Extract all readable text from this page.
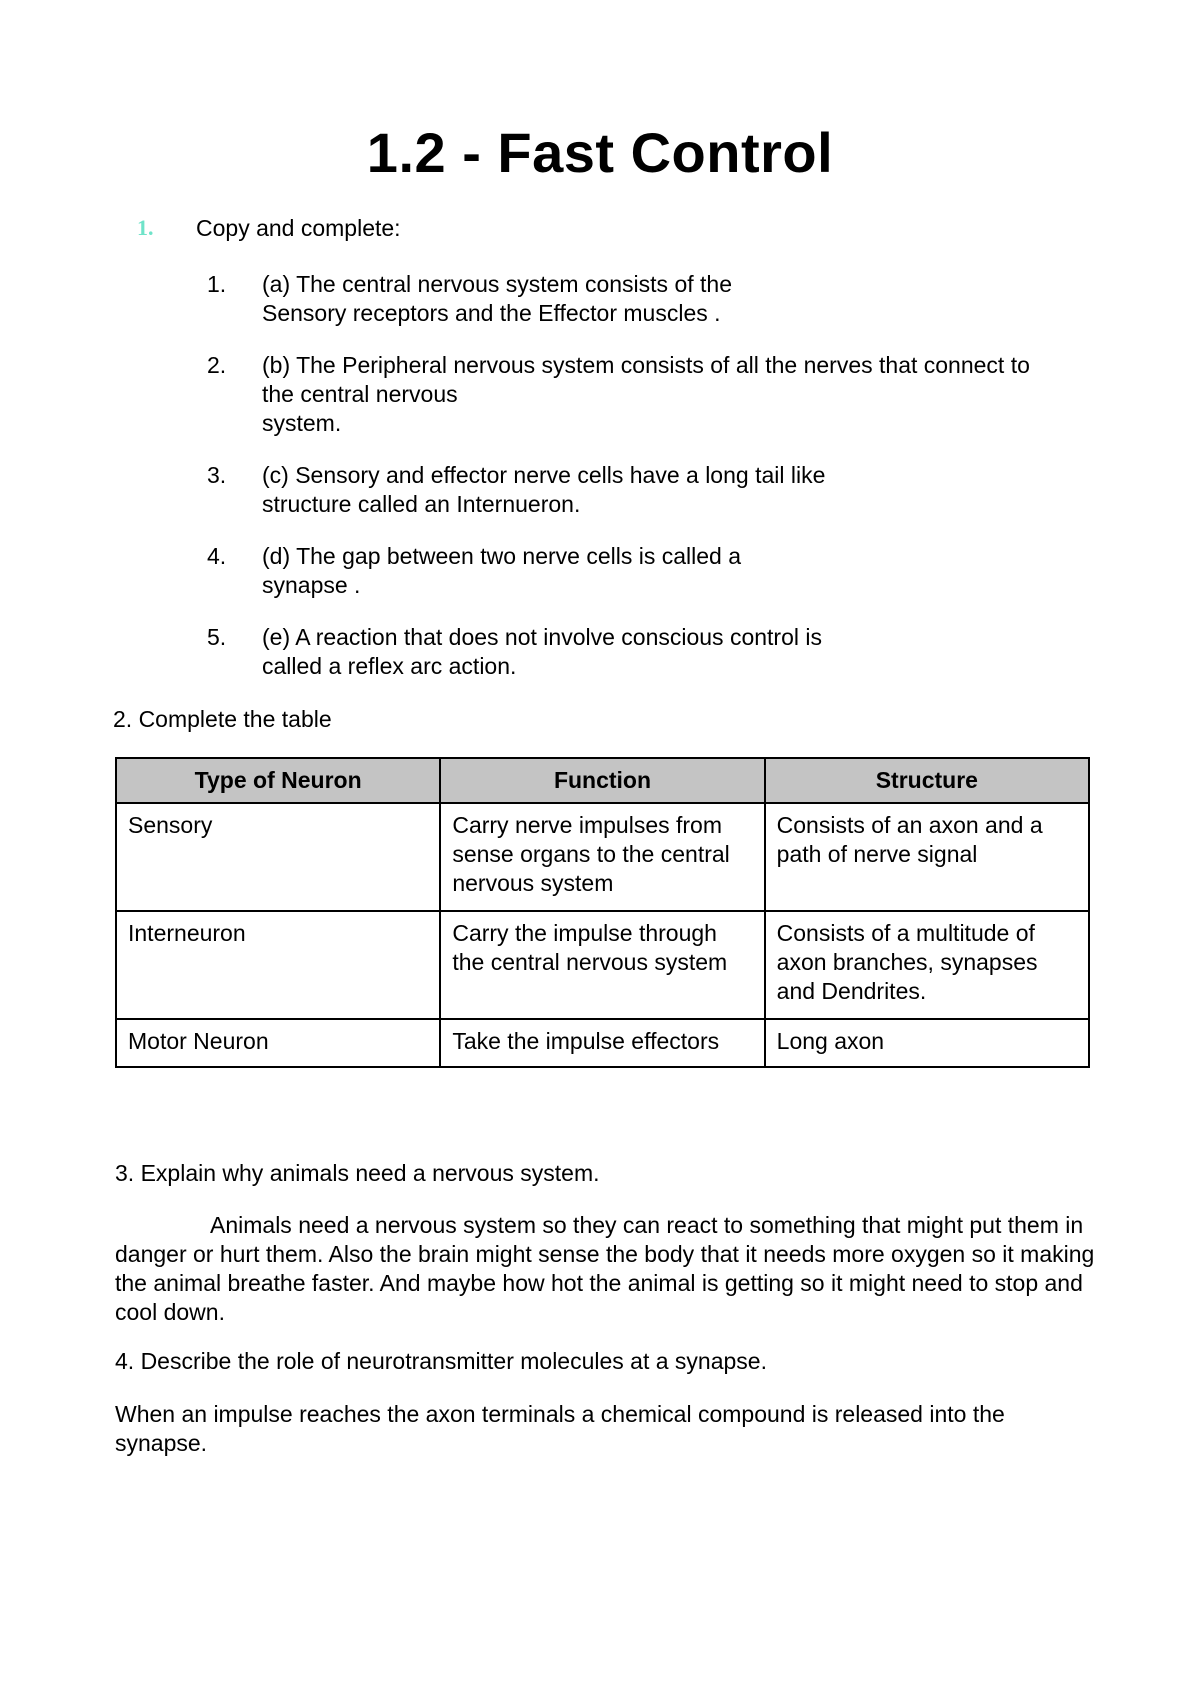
1.2 - Fast Control
1. Copy and complete:
1. (a) The central nervous system consists of the
Sensory receptors and the Effector muscles .
2. (b) The Peripheral nervous system consists of all the nerves that connect to
the central nervous
system.
3. (c) Sensory and effector nerve cells have a long tail like
structure called an Internueron.
4. (d) The gap between two nerve cells is called a
synapse .
5. (e) A reaction that does not involve conscious control is
called a reflex arc action.
2. Complete the table
Type of Neuron	Function	Structure
Sensory	Carry nerve impulses from sense organs to the central nervous system	Consists of an axon and a path of nerve signal
Interneuron	Carry the impulse through the central nervous system	Consists of a multitude of axon branches, synapses and Dendrites.
Motor Neuron	Take the impulse effectors	Long axon
3. Explain why animals need a nervous system.
Animals need a nervous system so they can react to something that might put them in danger or hurt them. Also the brain might sense the body that it needs more oxygen so it making the animal breathe faster. And maybe how hot the animal is getting so it might need to stop and cool down.
4. Describe the role of neurotransmitter molecules at a synapse.
When an impulse reaches the axon terminals a chemical compound is released into the synapse.
